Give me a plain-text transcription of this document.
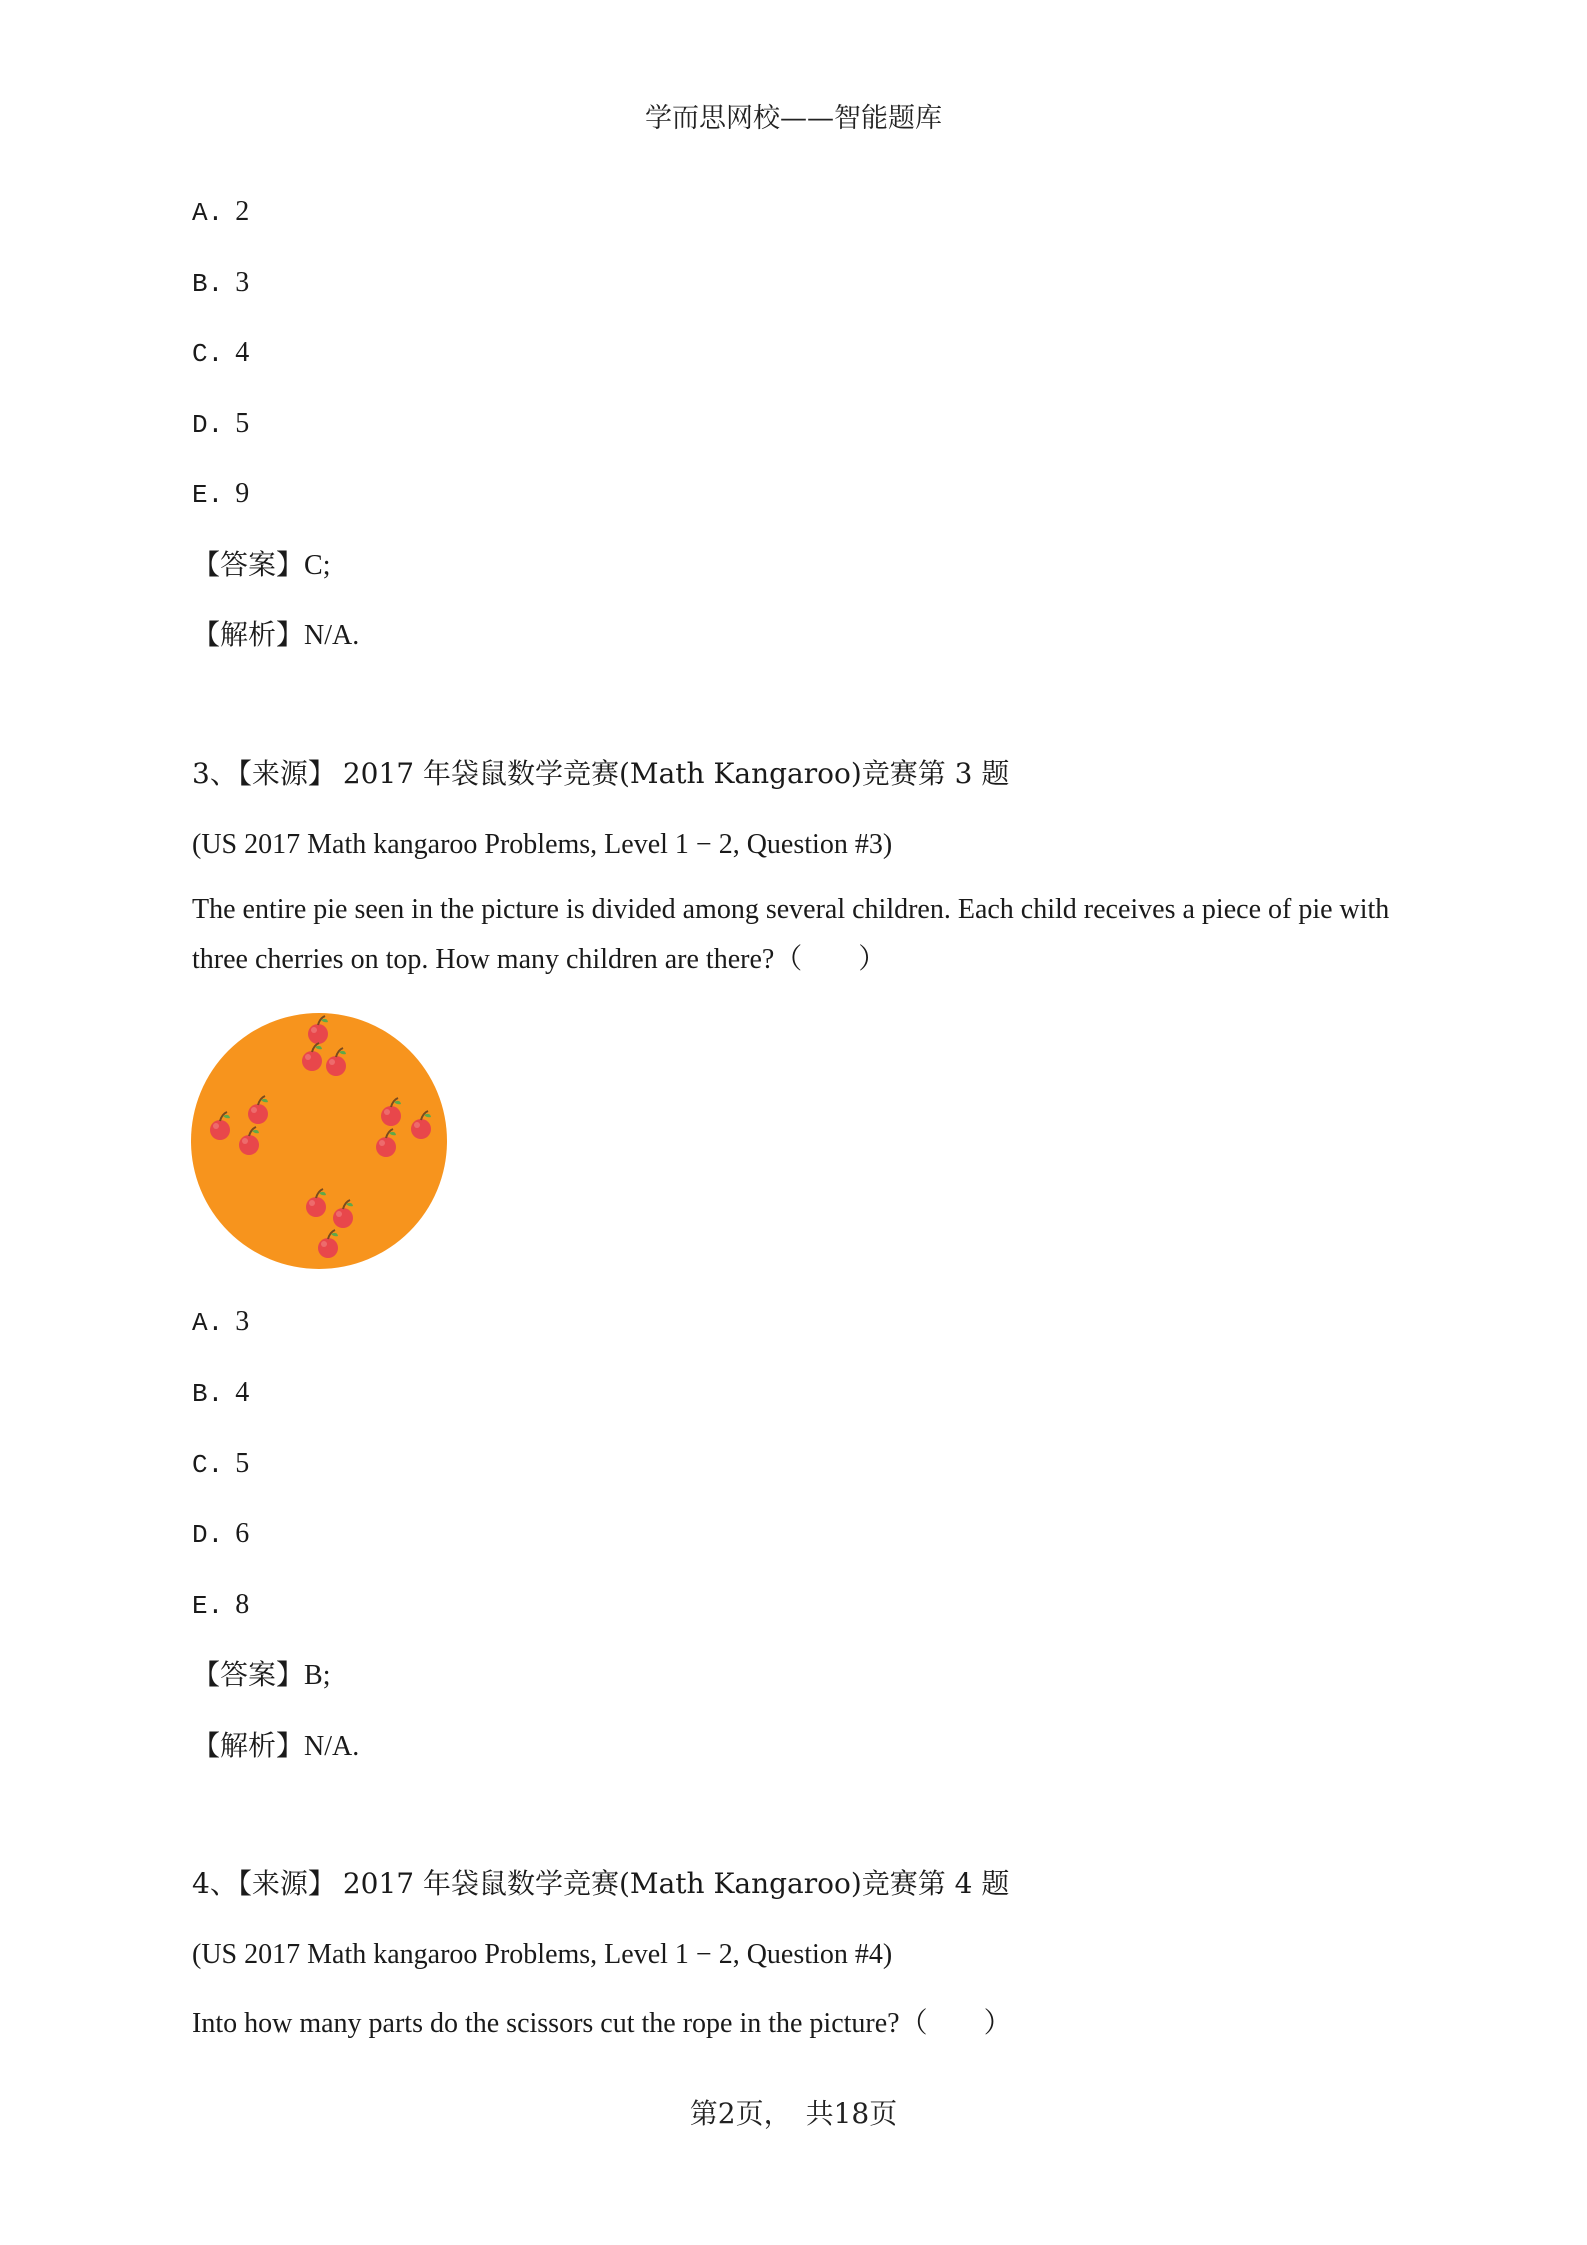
学而思网校——智能题库
A. 2
B. 3
C. 4
D. 5
E. 9
【答案】C;
【解析】N/A.
3、【来源】 2017 年袋鼠数学竞赛(Math Kangaroo)竞赛第 3 题
(US 2017 Math kangaroo Problems, Level 1 − 2, Question #3)
The entire pie seen in the picture is divided among several children. Each child receives a piece of pie with
three cherries on top. How many children are there?（　　）
A. 3
B. 4
C. 5
D. 6
E. 8
【答案】B;
【解析】N/A.
4、【来源】 2017 年袋鼠数学竞赛(Math Kangaroo)竞赛第 4 题
(US 2017 Math kangaroo Problems, Level 1 − 2, Question #4)
Into how many parts do the scissors cut the rope in the picture?（　　）
第2页，　共18页
